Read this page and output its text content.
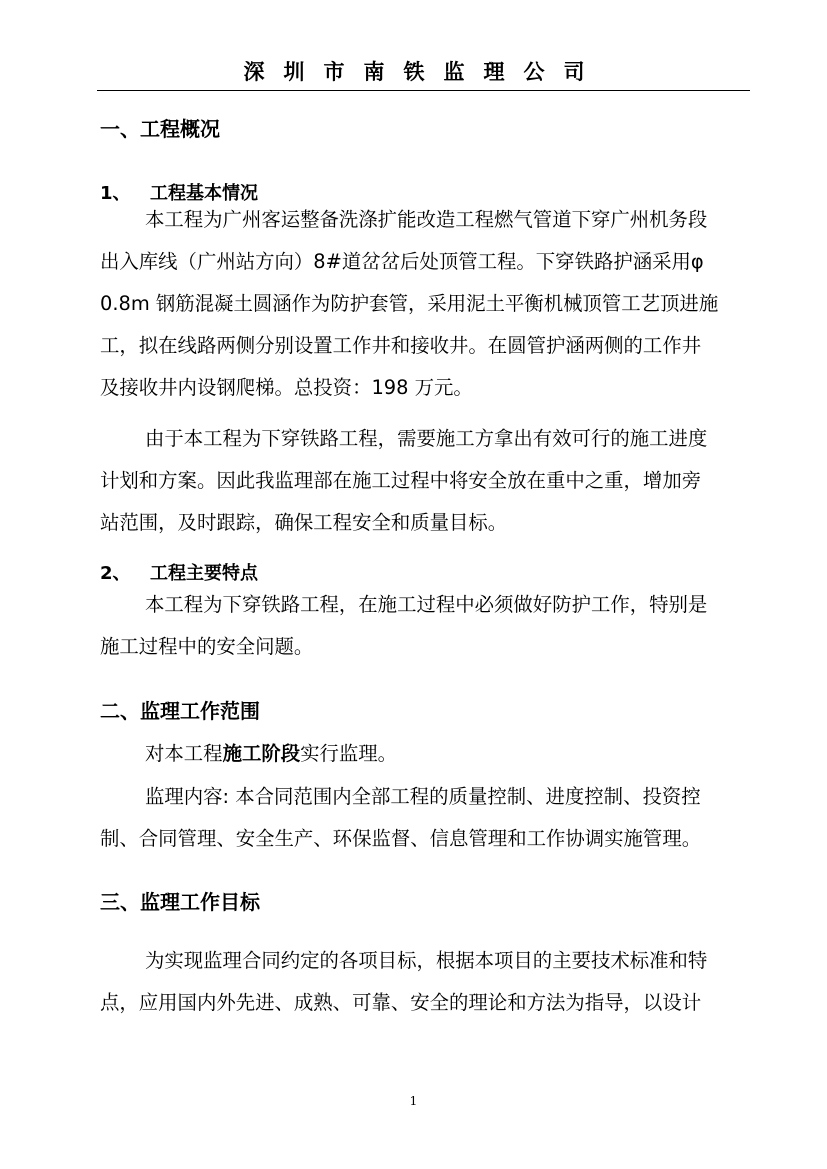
深圳市南铁监理公司
一、工程概况
1、 工程基本情况

本工程为广州客运整备洗涤扩能改造工程燃气管道下穿广州机务段

出入库线（广州站方向）8#道岔岔后处顶管工程。下穿铁路护涵采用φ

0.8m 钢筋混凝土圆涵作为防护套管，采用泥土平衡机械顶管工艺顶进施

工，拟在线路两侧分别设置工作井和接收井。在圆管护涵两侧的工作井

及接收井内设钢爬梯。总投资：198 万元。

由于本工程为下穿铁路工程，需要施工方拿出有效可行的施工进度

计划和方案。因此我监理部在施工过程中将安全放在重中之重，增加旁

站范围，及时跟踪，确保工程安全和质量目标。

2、 工程主要特点

本工程为下穿铁路工程，在施工过程中必须做好防护工作，特别是

施工过程中的安全问题。

二、监理工作范围

对本工程施工阶段实行监理。

监理内容: 本合同范围内全部工程的质量控制、进度控制、投资控

制、合同管理、安全生产、环保监督、信息管理和工作协调实施管理。

三、监理工作目标

为实现监理合同约定的各项目标，根据本项目的主要技术标准和特

点，应用国内外先进、成熟、可靠、安全的理论和方法为指导，以设计

1
